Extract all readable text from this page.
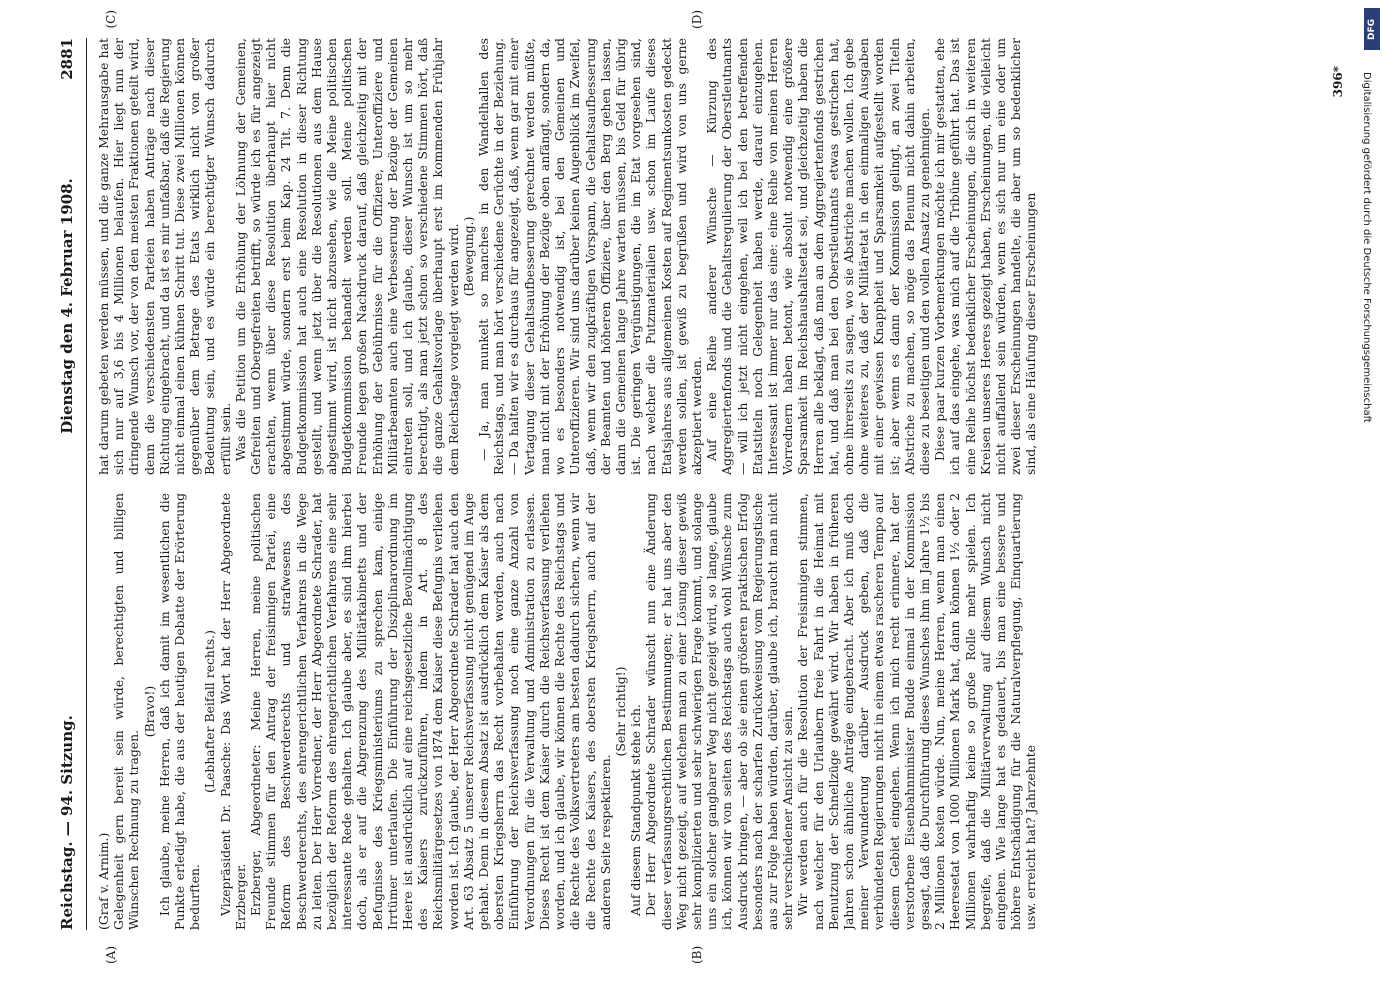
Reichstag. — 94. Sitzung.
Dienstag den 4. Februar 1908.
2881
(A)	(B)
(C)	(D)

(Graf v. Arnim.) Gelegenheit gern bereit sein würde, berechtigten und billigen Wünschen Rechnung zu tragen.

(Bravo!) Ich glaube, meine Herren, daß ich damit im wesentlichen die Punkte erledigt habe, die aus der heutigen Debatte der Erörterung bedurften.

(Lebhafter Beifall rechts.) Vizepräsident Dr. Paasche: Das Wort hat der Herr Abgeordnete Erzberger. Erzberger, Abgeordneter: Meine Herren, meine politischen Freunde stimmen für den Antrag der freisinnigen Partei, eine Reform des Beschwerderechts und strafwesens des Beschwerderechts, des ehrengerichtlichen Verfahrens in die Wege zu leiten. Der Herr Vorredner, der Herr Abgeordnete Schrader, hat bezüglich der Reform des ehrengerichtlichen Verfahrens eine sehr interessante Rede gehalten. Ich glaube aber, es sind ihm hierbei doch, als er auf die Abgrenzung des Militärkabinetts und der Befugnisse des Kriegsministeriums zu sprechen kam, einige Irrtümer unterlaufen. Die Einführung der Disziplinarordnung im Heere ist ausdrücklich auf eine reichsgesetzliche Bevollmächtigung des Kaisers zurückzuführen, indem in Art. 8 des Reichsmilitärgesetzes von 1874 dem Kaiser diese Befugnis verliehen worden ist. Ich glaube, der Herr Abgeordnete Schrader hat auch den Art. 63 Absatz 5 unserer Reichsverfassung nicht genügend im Auge gehabt. Denn in diesem Absatz ist ausdrücklich dem Kaiser als dem obersten Kriegsherrn das Recht vorbehalten worden, auch nach Einführung der Reichsverfassung noch eine ganze Anzahl von Verordnungen für die Verwaltung und Administration zu erlassen. Dieses Recht ist dem Kaiser durch die Reichsverfassung verliehen worden, und ich glaube, wir können die Rechte des Reichstags und die Rechte des Volksvertreters am besten dadurch sichern, wenn wir die Rechte des Kaisers, des obersten Kriegsherrn, auch auf der anderen Seite respektieren.

(Sehr richtig!) Auf diesem Standpunkt stehe ich. Der Herr Abgeordnete Schrader wünscht nun eine Änderung dieser verfassungsrechtlichen Bestimmungen; er hat uns aber den Weg nicht gezeigt, auf welchem man zu einer Lösung dieser gewiß sehr komplizierten und sehr schwierigen Frage kommt, und solange uns ein solcher gangbarer Weg nicht gezeigt wird, so lange, glaube ich, können wir von seiten des Reichstags auch wohl Wünsche zum Ausdruck bringen, — aber ob sie einen größeren praktischen Erfolg besonders nach der scharfen Zurückweisung vom Regierungstische aus zur Folge haben würden, darüber, glaube ich, braucht man nicht sehr verschiedener Ansicht zu sein. Wir werden auch für die Resolution der Freisinnigen stimmen, nach welcher für den Urlaubern freie Fahrt in die Heimat mit Benutzung der Schnellzüge gewährt wird. Wir haben in früheren Jahren schon ähnliche Anträge eingebracht. Aber ich muß doch meiner Verwunderung darüber Ausdruck geben, daß die verbündeten Regierungen nicht in einem etwas rascheren Tempo auf diesem Gebiet eingehen. Wenn ich mich recht erinnere, hat der verstorbene Eisenbahnminister Budde einmal in der Kommission gesagt, daß die Durchführung dieses Wunsches ihm im Jahre 1½ bis 2 Millionen kosten würde. Nun, meine Herren, wenn man einen Heeresetat von 1000 Millionen Mark hat, dann können 1½ oder 2 Millionen wahrhaftig keine so große Rolle mehr spielen. Ich begreife, daß die Militärverwaltung auf diesem Wunsch nicht eingehen. Wie lange hat es gedauert, bis man eine bessere und höhere Entschädigung für die Naturalverpflegung, Einquartierung usw. erreicht hat? Jahrzehnte

hat darum gebeten werden müssen, und die ganze Mehrausgabe hat sich nur auf 3,6 bis 4 Millionen belaufen. Hier liegt nun der dringende Wunsch vor, der von den meisten Fraktionen geteilt wird, denn die verschiedensten Parteien haben Anträge nach dieser Richtung eingebracht, und da ist es mir unfaßbar, daß die Regierung nicht einmal einen kühnen Schritt tut. Diese zwei Millionen können gegenüber dem Betrage des Etats wirklich nicht von großer Bedeutung sein, und es würde ein berechtigter Wunsch dadurch erfüllt sein. Was die Petition um die Erhöhung der Löhnung der Gemeinen, Gefreiten und Obergefreiten betrifft, so würde ich es für angezeigt erachten, wenn über diese Resolution überhaupt hier nicht abgestimmt würde, sondern erst beim Kap. 24 Tit. 7. Denn die Budgetkommission hat auch eine Resolution in dieser Richtung gestellt, und wenn jetzt über die Resolutionen aus dem Hause abgestimmt wird, ist nicht abzusehen, wie die Meine politischen Budgetkommission behandelt werden soll. Meine politischen Freunde legen großen Nachdruck darauf, daß gleichzeitig mit der Erhöhung der Gebührnisse für die Offiziere, Unteroffiziere und Militärbeamten auch eine Verbesserung der Bezüge der Gemeinen eintreten soll, und ich glaube, dieser Wunsch ist um so mehr berechtigt, als man jetzt schon so verschiedene Stimmen hört, daß die ganze Gehaltsvorlage überhaupt erst im kommenden Frühjahr dem Reichstage vorgelegt werden wird. (Bewegung.) — Ja, man munkelt so manches in den Wandelhallen des Reichstags, und man hört verschiedene Gerüchte in der Beziehung. — Da halten wir es durchaus für angezeigt, daß, wenn gar mit einer Vertagung dieser Gehaltsaufbesserung gerechnet werden müßte, man nicht mit der Erhöhung der Bezüge oben anfängt, sondern da, wo es besonders notwendig ist, bei den Gemeinen und Unteroffizieren. Wir sind uns darüber keinen Augenblick im Zweifel, daß, wenn wir den zugkräftigen Vorspann, die Gehaltsaufbesserung der Beamten und höheren Offiziere, über den Berg gehen lassen, dann die Gemeinen lange Jahre warten müssen, bis Geld für übrig ist. Die geringen Vergünstigungen, die im Etat vorgesehen sind, nach welcher die Putzmaterialien usw. schon im Laufe dieses Etatsjahres aus allgemeinen Kosten auf Regimentsunkosten gedeckt werden sollen, ist gewiß zu begrüßen und wird von uns gerne akzeptiert werden. Auf eine Reihe anderer Wünsche — Kürzung des Aggregiertenfonds und die Gehaltsregulierung der Oberstleutnants — will ich jetzt nicht eingehen, weil ich bei den betreffenden Etatstiteln noch Gelegenheit haben werde, darauf einzugehen. Interessant ist immer nur das eine: eine Reihe von meinen Herren Vorrednern haben betont, wie absolut notwendig eine größere Sparsamkeit im Reichshaushaltsetat sei, und gleichzeitig haben die Herren alle beklagt, daß man an dem Aggregiertenfonds gestrichen hat, und daß man bei den Oberstleutnants etwas gestrichen hat, ohne ihrerseits zu sagen, wo sie Abstriche machen wollen. Ich gebe ohne weiteres zu, daß der Militäretat in den einmaligen Ausgaben mit einer gewissen Knappheit und Sparsamkeit aufgestellt worden ist; aber wenn es dann der Kommission gelingt, an zwei Titeln Abstriche zu machen, so möge das Plenum nicht dahin arbeiten, diese zu beseitigen und den vollen Ansatz zu genehmigen. Diese paar kurzen Vorbemerkungen möchte ich mir gestatten, ehe ich auf das eingehe, was mich auf die Tribüne geführt hat. Das ist eine Reihe höchst bedenklicher Erscheinungen, die sich in weiteren Kreisen unseres Heeres gezeigt haben, Erscheinungen, die vielleicht nicht auffallend sein würden, wenn es sich nur um eine oder um zwei dieser Erscheinungen handelte, die aber um so bedenklicher sind, als eine Häufung dieser Erscheinungen

396*
DFG
Digitalisierung gefördert durch die Deutsche Forschungsgemeinschaft
